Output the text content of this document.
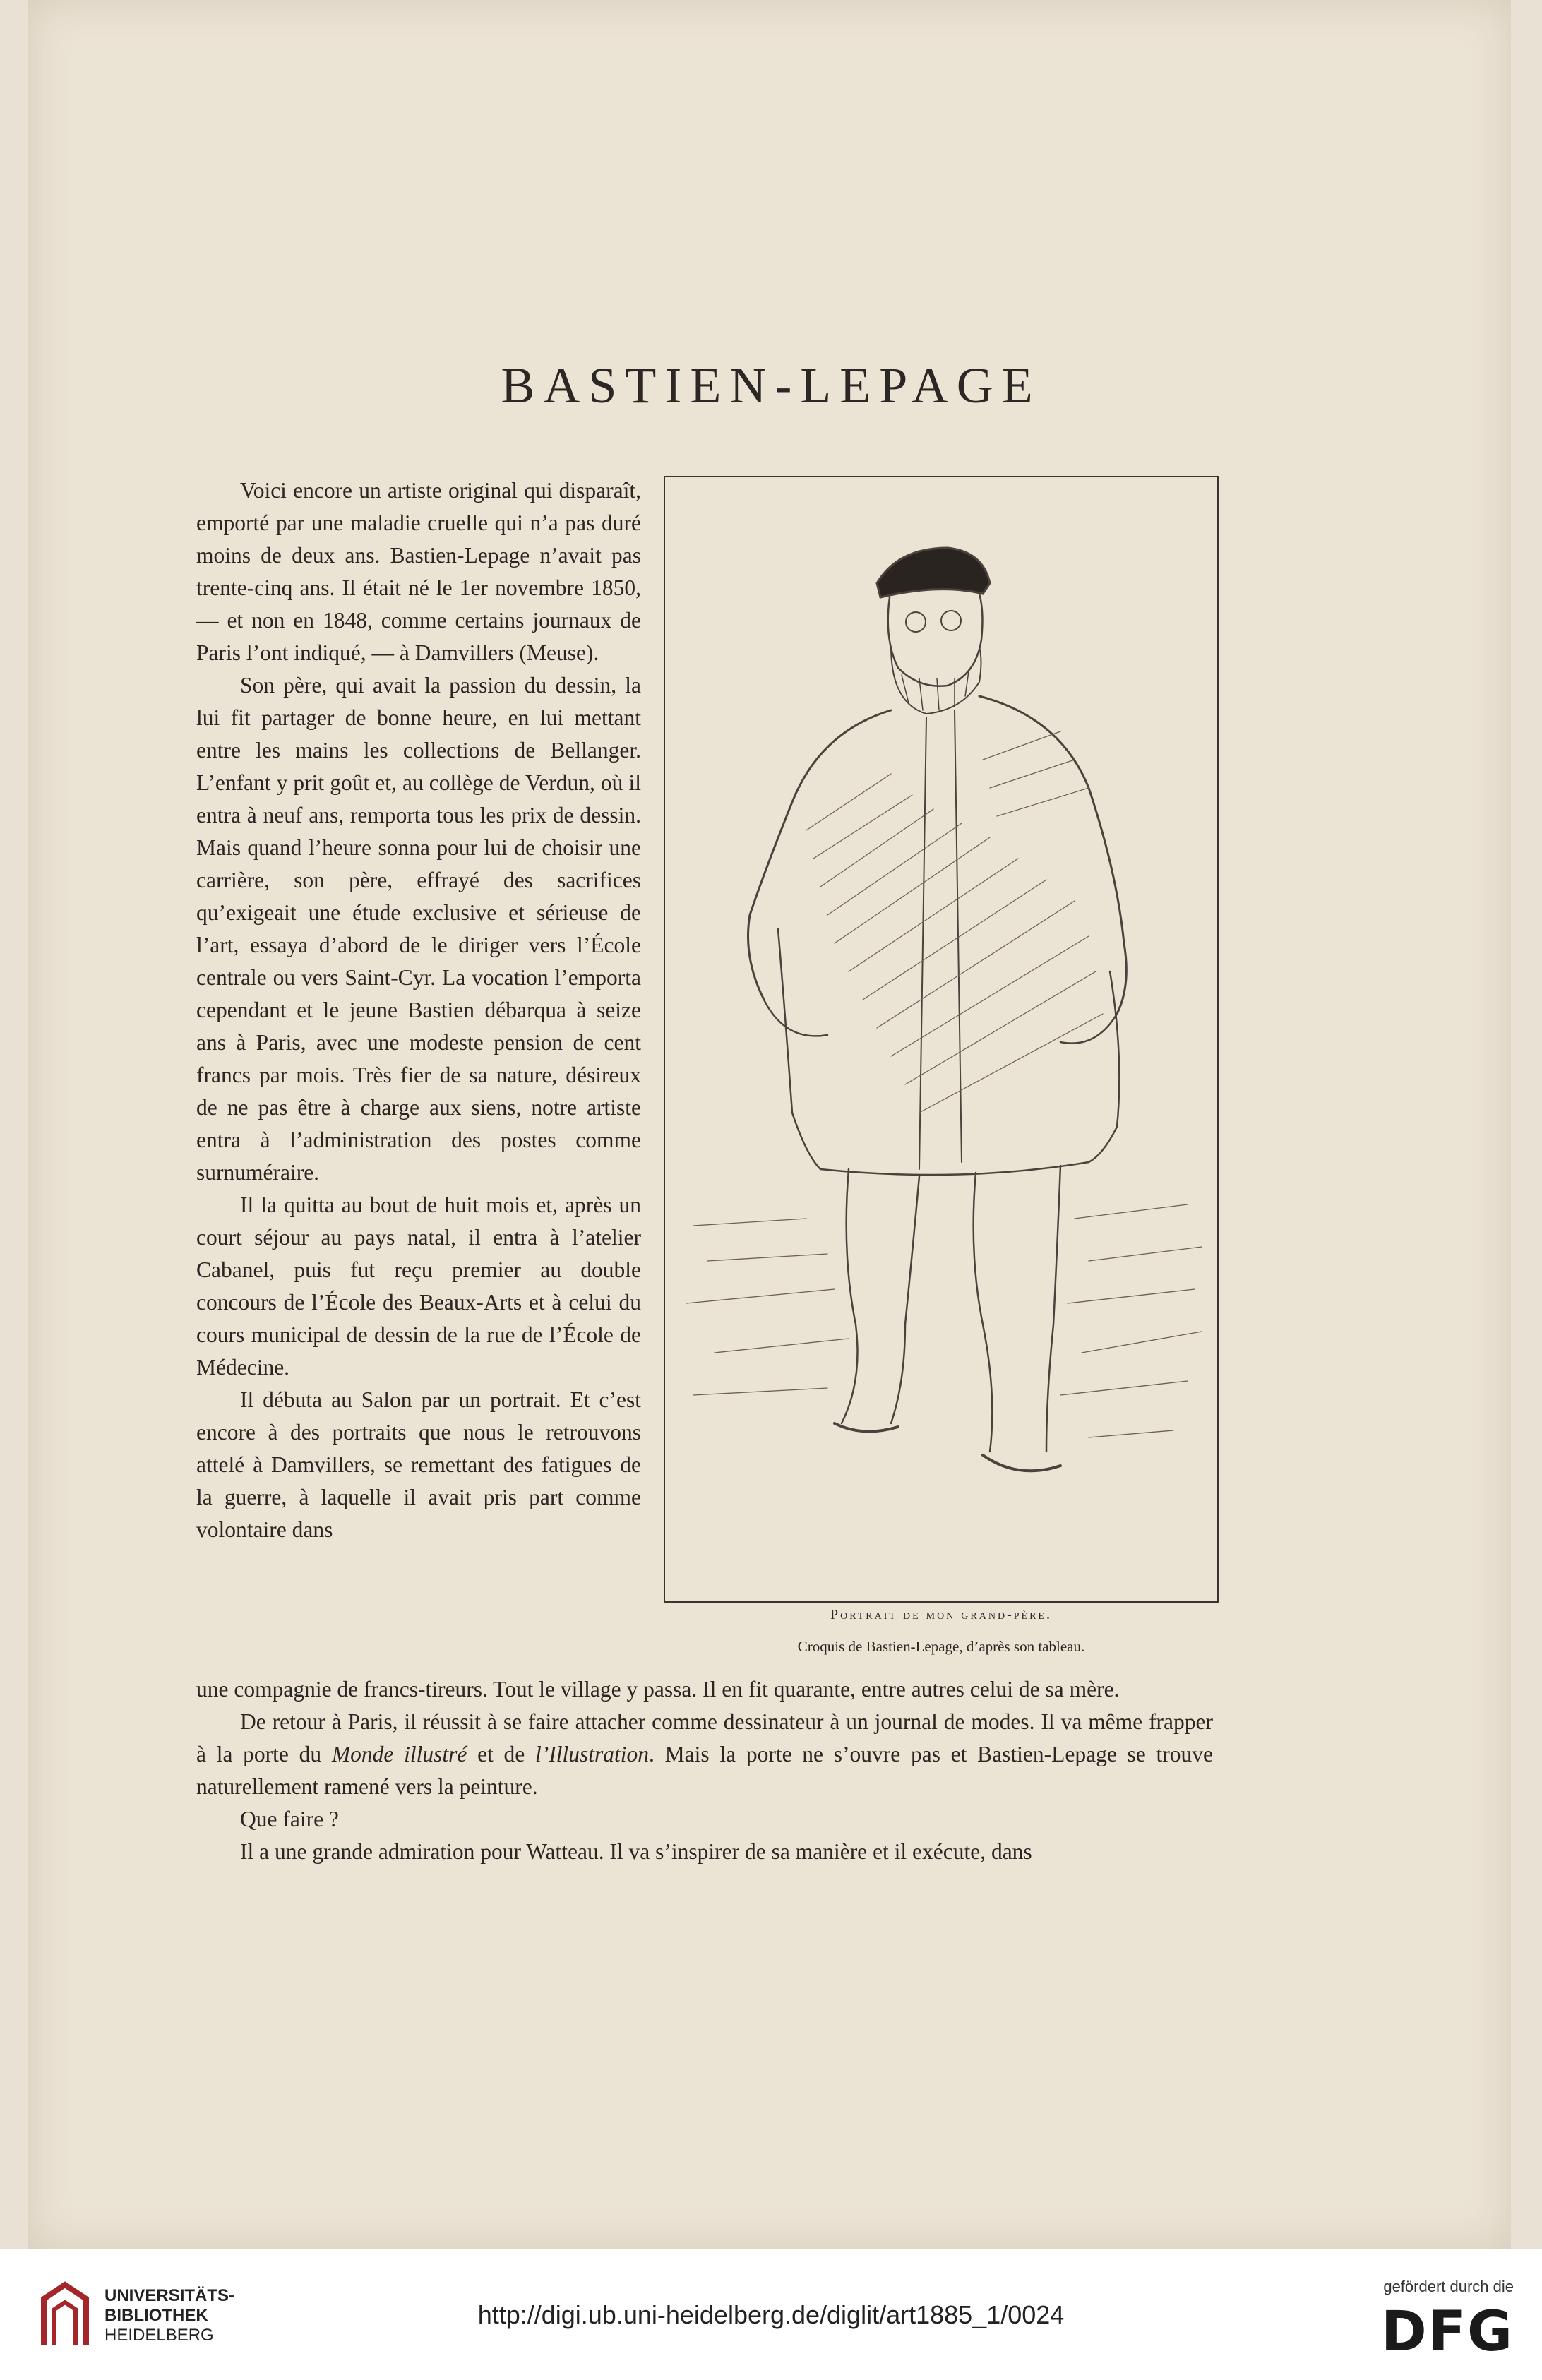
BASTIEN-LEPAGE

Voici encore un artiste original qui disparaît, emporté par une maladie cruelle qui n’a pas duré moins de deux ans. Bastien-Lepage n’avait pas trente-cinq ans. Il était né le 1er novembre 1850, — et non en 1848, comme certains journaux de Paris l’ont indiqué, — à Damvillers (Meuse).

Son père, qui avait la passion du dessin, la lui fit partager de bonne heure, en lui mettant entre les mains les collections de Bellanger. L’enfant y prit goût et, au collège de Verdun, où il entra à neuf ans, remporta tous les prix de dessin. Mais quand l’heure sonna pour lui de choisir une carrière, son père, effrayé des sacrifices qu’exigeait une étude exclusive et sérieuse de l’art, essaya d’abord de le diriger vers l’École centrale ou vers Saint-Cyr. La vocation l’emporta cependant et le jeune Bastien débarqua à seize ans à Paris, avec une modeste pension de cent francs par mois. Très fier de sa nature, désireux de ne pas être à charge aux siens, notre artiste entra à l’administration des postes comme surnuméraire.

Il la quitta au bout de huit mois et, après un court séjour au pays natal, il entra à l’atelier Cabanel, puis fut reçu premier au double concours de l’École des Beaux-Arts et à celui du cours municipal de dessin de la rue de l’École de Médecine.

Il débuta au Salon par un portrait. Et c’est encore à des portraits que nous le retrouvons attelé à Damvillers, se remettant des fatigues de la guerre, à laquelle il avait pris part comme volontaire dans

Portrait de mon grand-père.
Croquis de Bastien-Lepage, d’après son tableau.

une compagnie de francs-tireurs. Tout le village y passa. Il en fit quarante, entre autres celui de sa mère.

De retour à Paris, il réussit à se faire attacher comme dessinateur à un journal de modes. Il va même frapper à la porte du Monde illustré et de l’Illustration. Mais la porte ne s’ouvre pas et Bastien-Lepage se trouve naturellement ramené vers la peinture.

Que faire ?

Il a une grande admiration pour Watteau. Il va s’inspirer de sa manière et il exécute, dans

UNIVERSITÄTS-
BIBLIOTHEK
HEIDELBERG
http://digi.ub.uni-heidelberg.de/diglit/art1885_1/0024
gefördert durch die
DFG
